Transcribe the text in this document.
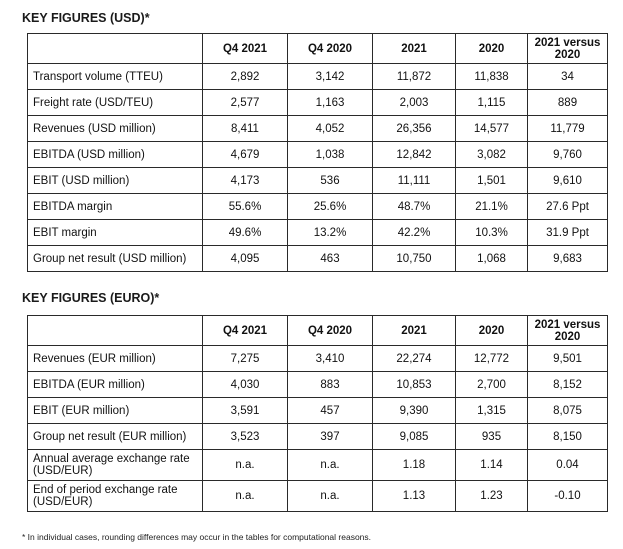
KEY FIGURES (USD)*
	Q4 2021	Q4 2020	2021	2020	2021 versus 2020
Transport volume (TTEU)	2,892	3,142	11,872	11,838	34
Freight rate (USD/TEU)	2,577	1,163	2,003	1,115	889
Revenues (USD million)	8,411	4,052	26,356	14,577	11,779
EBITDA (USD million)	4,679	1,038	12,842	3,082	9,760
EBIT (USD million)	4,173	536	11,111	1,501	9,610
EBITDA margin	55.6%	25.6%	48.7%	21.1%	27.6 Ppt
EBIT margin	49.6%	13.2%	42.2%	10.3%	31.9 Ppt
Group net result (USD million)	4,095	463	10,750	1,068	9,683
KEY FIGURES (EURO)*
	Q4 2021	Q4 2020	2021	2020	2021 versus 2020
Revenues (EUR million)	7,275	3,410	22,274	12,772	9,501
EBITDA (EUR million)	4,030	883	10,853	2,700	8,152
EBIT (EUR million)	3,591	457	9,390	1,315	8,075
Group net result (EUR million)	3,523	397	9,085	935	8,150
Annual average exchange rate (USD/EUR)	n.a.	n.a.	1.18	1.14	0.04
End of period exchange rate (USD/EUR)	n.a.	n.a.	1.13	1.23	-0.10
* In individual cases, rounding differences may occur in the tables for computational reasons.
